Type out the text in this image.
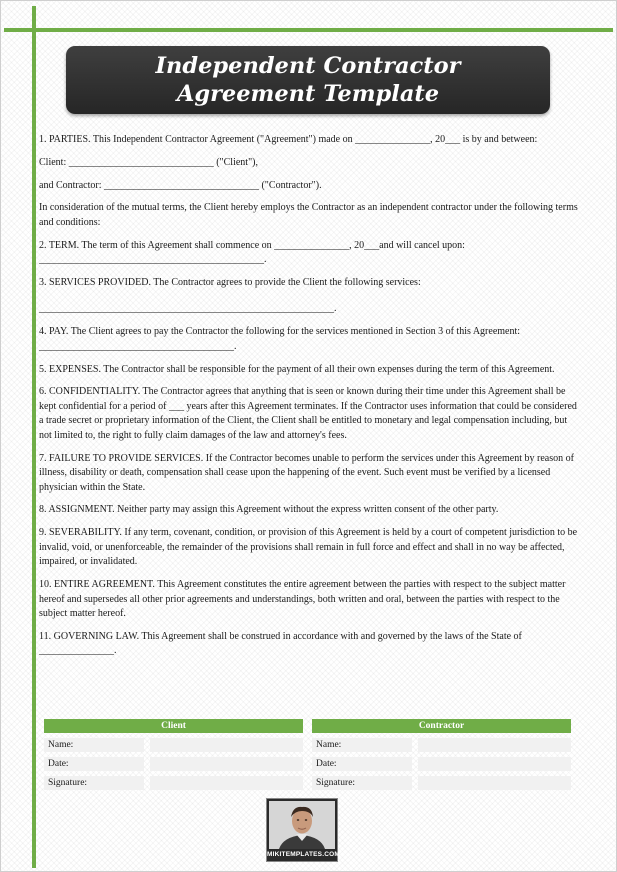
Independent Contractor Agreement Template

1. PARTIES. This Independent Contractor Agreement ("Agreement") made on _______________, 20___ is by and between:

Client: _____________________________ ("Client"),

and Contractor: _______________________________ ("Contractor").

In consideration of the mutual terms, the Client hereby employs the Contractor as an independent contractor under the following terms and conditions:

2. TERM. The term of this Agreement shall commence on _______________, 20___and will cancel upon: _____________________________________________.

3. SERVICES PROVIDED. The Contractor agrees to provide the Client the following services:

___________________________________________________________.

4. PAY. The Client agrees to pay the Contractor the following for the services mentioned in Section 3 of this Agreement: _______________________________________.

5. EXPENSES. The Contractor shall be responsible for the payment of all their own expenses during the term of this Agreement.

6. CONFIDENTIALITY. The Contractor agrees that anything that is seen or known during their time under this Agreement shall be kept confidential for a period of ___ years after this Agreement terminates. If the Contractor uses information that could be considered a trade secret or proprietary information of the Client, the Client shall be entitled to monetary and legal compensation including, but not limited to, the right to fully claim damages of the law and attorney's fees.

7. FAILURE TO PROVIDE SERVICES. If the Contractor becomes unable to perform the services under this Agreement by reason of illness, disability or death, compensation shall cease upon the happening of the event. Such event must be verified by a licensed physician within the State.

8. ASSIGNMENT. Neither party may assign this Agreement without the express written consent of the other party.

9. SEVERABILITY. If any term, covenant, condition, or provision of this Agreement is held by a court of competent jurisdiction to be invalid, void, or unenforceable, the remainder of the provisions shall remain in full force and effect and shall in no way be affected, impaired, or invalidated.

10. ENTIRE AGREEMENT. This Agreement constitutes the entire agreement between the parties with respect to the subject matter hereof and supersedes all other prior agreements and understandings, both written and oral, between the parties with respect to the subject matter hereof.

11. GOVERNING LAW. This Agreement shall be construed in accordance with and governed by the laws of the State of _______________.

Client
Name:
Date:
Signature:
Contractor
Name:
Date:
Signature:
MIKITEMPLATES.COM
